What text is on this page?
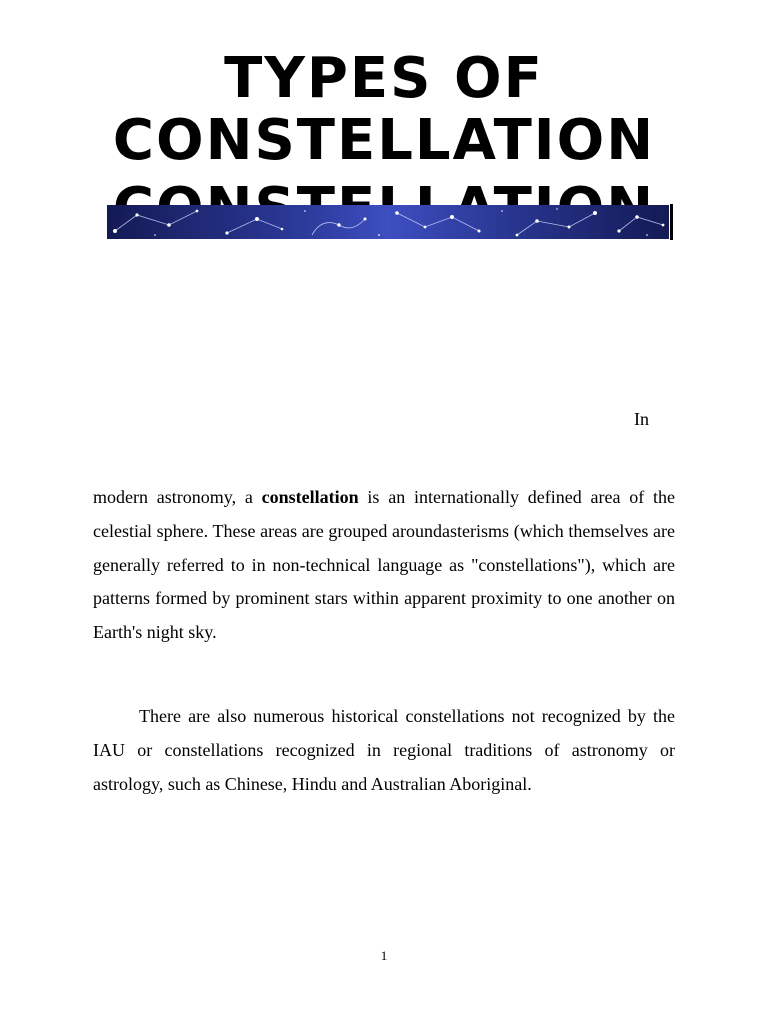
TYPES OF
CONSTELLATION
In

modern astronomy, a constellation is an internationally defined area of the celestial sphere. These areas are grouped aroundasterisms (which themselves are generally referred to in non-technical language as "constellations"), which are patterns formed by prominent stars within apparent proximity to one another on Earth's night sky.

There are also numerous historical constellations not recognized by the IAU or constellations recognized in regional traditions of astronomy or astrology, such as Chinese, Hindu and Australian Aboriginal.

1
